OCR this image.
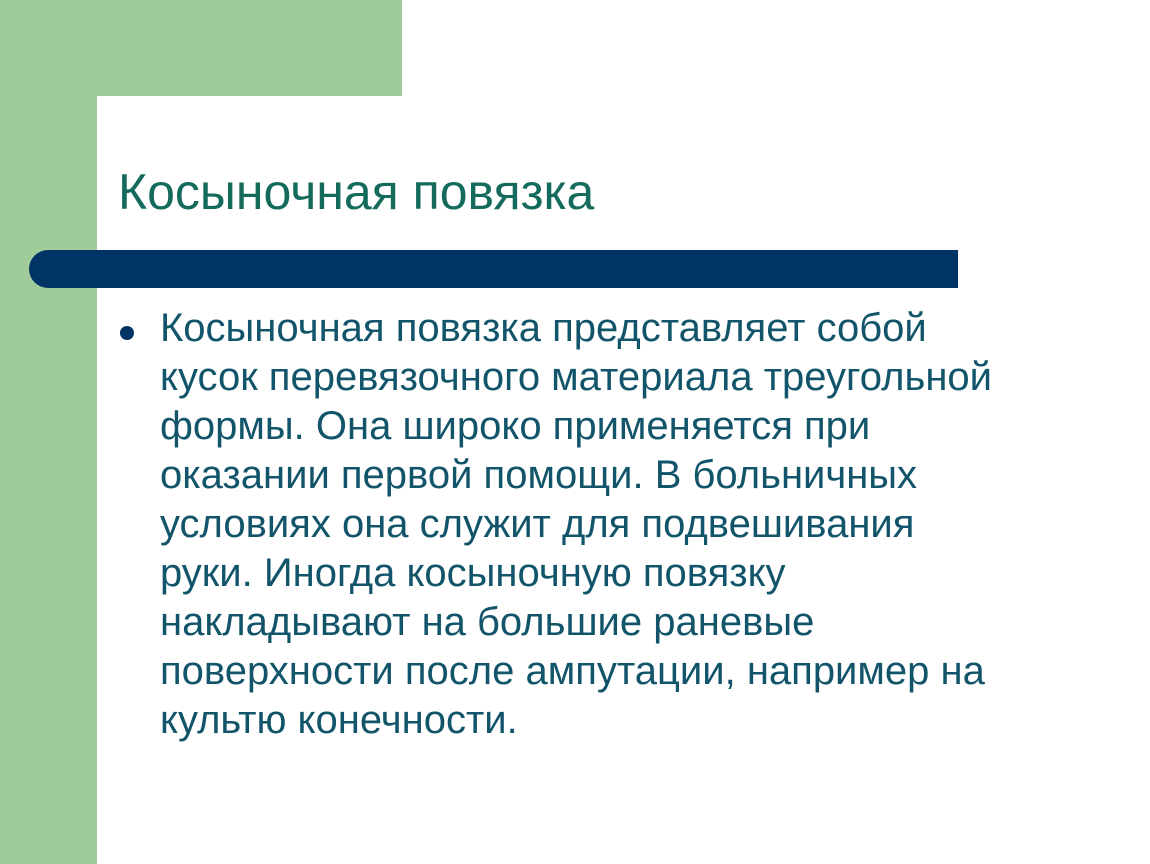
Косыночная повязка
Косыночная повязка представляет собой кусок перевязочного материала треугольной формы. Она широко применяется при оказании первой помощи. В больничных условиях она служит для подвешивания руки. Иногда косыночную повязку накладывают на большие раневые поверхности после ампутации, например на культю конечности.
